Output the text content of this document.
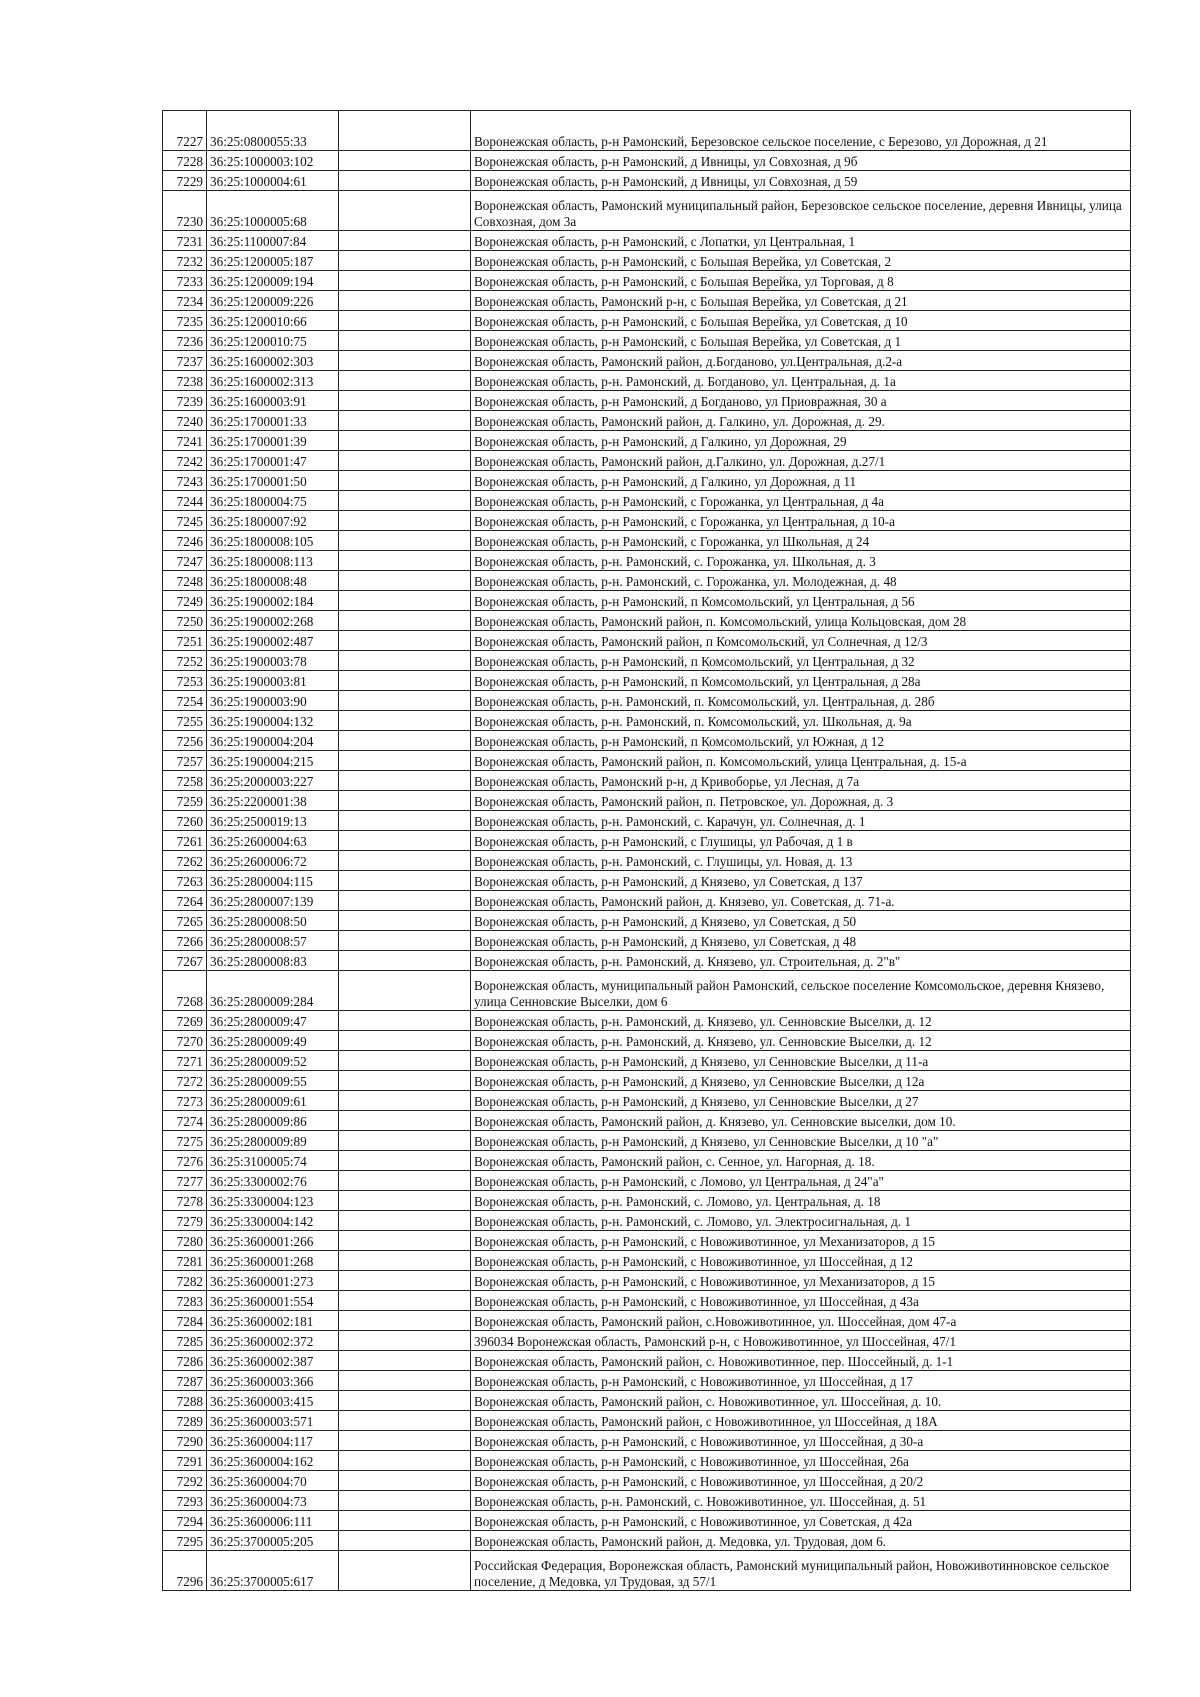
7227	36:25:0800055:33		Воронежская область, р-н Рамонский, Березовское сельское поселение, с Березово, ул Дорожная, д 21
7228	36:25:1000003:102		Воронежская область, р-н Рамонский, д Ивницы, ул Совхозная, д 9б
7229	36:25:1000004:61		Воронежская область, р-н Рамонский, д Ивницы, ул Совхозная, д 59
7230	36:25:1000005:68		Воронежская область, Рамонский муниципальный район, Березовское сельское поселение, деревня Ивницы, улица Совхозная, дом 3а
7231	36:25:1100007:84		Воронежская область, р-н Рамонский, с Лопатки, ул Центральная, 1
7232	36:25:1200005:187		Воронежская область, р-н Рамонский, с Большая Верейка, ул Советская, 2
7233	36:25:1200009:194		Воронежская область, р-н Рамонский, с Большая Верейка, ул Торговая, д 8
7234	36:25:1200009:226		Воронежская область, Рамонский р-н, с Большая Верейка, ул Советская, д 21
7235	36:25:1200010:66		Воронежская область, р-н Рамонский, с Большая Верейка, ул Советская, д 10
7236	36:25:1200010:75		Воронежская область, р-н Рамонский, с Большая Верейка, ул Советская, д 1
7237	36:25:1600002:303		Воронежская область, Рамонский район, д.Богданово, ул.Центральная, д.2-а
7238	36:25:1600002:313		Воронежская область, р-н. Рамонский, д. Богданово, ул. Центральная, д. 1а
7239	36:25:1600003:91		Воронежская область, р-н Рамонский, д Богданово, ул Приовражная, 30 а
7240	36:25:1700001:33		Воронежская область, Рамонский район, д. Галкино, ул. Дорожная, д. 29.
7241	36:25:1700001:39		Воронежская область, р-н Рамонский, д Галкино, ул Дорожная, 29
7242	36:25:1700001:47		Воронежская область, Рамонский район, д.Галкино, ул. Дорожная, д.27/1
7243	36:25:1700001:50		Воронежская область, р-н Рамонский, д Галкино, ул Дорожная, д 11
7244	36:25:1800004:75		Воронежская область, р-н Рамонский, с Горожанка, ул Центральная, д 4а
7245	36:25:1800007:92		Воронежская область, р-н Рамонский, с Горожанка, ул Центральная, д 10-а
7246	36:25:1800008:105		Воронежская область, р-н Рамонский, с Горожанка, ул Школьная, д 24
7247	36:25:1800008:113		Воронежская область, р-н. Рамонский, с. Горожанка, ул. Школьная, д. 3
7248	36:25:1800008:48		Воронежская область, р-н. Рамонский, с. Горожанка, ул. Молодежная, д. 48
7249	36:25:1900002:184		Воронежская область, р-н Рамонский, п Комсомольский, ул Центральная, д 56
7250	36:25:1900002:268		Воронежская область, Рамонский район, п. Комсомольский, улица Кольцовская, дом 28
7251	36:25:1900002:487		Воронежская область, Рамонский район, п Комсомольский, ул Солнечная, д 12/3
7252	36:25:1900003:78		Воронежская область, р-н Рамонский, п Комсомольский, ул Центральная, д 32
7253	36:25:1900003:81		Воронежская область, р-н Рамонский, п Комсомольский, ул Центральная, д 28а
7254	36:25:1900003:90		Воронежская область, р-н. Рамонский, п. Комсомольский, ул. Центральная, д. 28б
7255	36:25:1900004:132		Воронежская область, р-н. Рамонский, п. Комсомольский, ул. Школьная, д. 9а
7256	36:25:1900004:204		Воронежская область, р-н Рамонский, п Комсомольский, ул Южная, д 12
7257	36:25:1900004:215		Воронежская область, Рамонский район, п. Комсомольский, улица Центральная, д. 15-а
7258	36:25:2000003:227		Воронежская область, Рамонский р-н, д Кривоборье, ул Лесная, д 7а
7259	36:25:2200001:38		Воронежская область, Рамонский район, п. Петровское, ул. Дорожная, д. 3
7260	36:25:2500019:13		Воронежская область, р-н. Рамонский, с. Карачун, ул. Солнечная, д. 1
7261	36:25:2600004:63		Воронежская область, р-н Рамонский, с Глушицы, ул Рабочая, д 1 в
7262	36:25:2600006:72		Воронежская область, р-н. Рамонский, с. Глушицы, ул. Новая, д. 13
7263	36:25:2800004:115		Воронежская область, р-н Рамонский, д Князево, ул Советская, д 137
7264	36:25:2800007:139		Воронежская область, Рамонский район, д. Князево, ул. Советская, д. 71-а.
7265	36:25:2800008:50		Воронежская область, р-н Рамонский, д Князево, ул Советская, д 50
7266	36:25:2800008:57		Воронежская область, р-н Рамонский, д Князево, ул Советская, д 48
7267	36:25:2800008:83		Воронежская область, р-н. Рамонский, д. Князево, ул. Строительная, д. 2"в"
7268	36:25:2800009:284		Воронежская область, муниципальный район Рамонский, сельское поселение Комсомольское, деревня Князево, улица Сенновские Выселки, дом 6
7269	36:25:2800009:47		Воронежская область, р-н. Рамонский, д. Князево, ул. Сенновские Выселки, д. 12
7270	36:25:2800009:49		Воронежская область, р-н. Рамонский, д. Князево, ул. Сенновские Выселки, д. 12
7271	36:25:2800009:52		Воронежская область, р-н Рамонский, д Князево, ул Сенновские Выселки, д 11-а
7272	36:25:2800009:55		Воронежская область, р-н Рамонский, д Князево, ул Сенновские Выселки, д 12а
7273	36:25:2800009:61		Воронежская область, р-н Рамонский, д Князево, ул Сенновские Выселки, д 27
7274	36:25:2800009:86		Воронежская область, Рамонский район, д. Князево, ул. Сенновские выселки, дом 10.
7275	36:25:2800009:89		Воронежская область, р-н Рамонский, д Князево, ул Сенновские Выселки, д 10 "а"
7276	36:25:3100005:74		Воронежская область, Рамонский район, с. Сенное, ул. Нагорная, д. 18.
7277	36:25:3300002:76		Воронежская область, р-н Рамонский, с Ломово, ул Центральная, д 24"а"
7278	36:25:3300004:123		Воронежская область, р-н. Рамонский, с. Ломово, ул. Центральная, д. 18
7279	36:25:3300004:142		Воронежская область, р-н. Рамонский, с. Ломово, ул. Электросигнальная, д. 1
7280	36:25:3600001:266		Воронежская область, р-н Рамонский, с Новоживотинное, ул Механизаторов, д 15
7281	36:25:3600001:268		Воронежская область, р-н Рамонский, с Новоживотинное, ул Шоссейная, д 12
7282	36:25:3600001:273		Воронежская область, р-н Рамонский, с Новоживотинное, ул Механизаторов, д 15
7283	36:25:3600001:554		Воронежская область, р-н Рамонский, с Новоживотинное, ул Шоссейная, д 43а
7284	36:25:3600002:181		Воронежская область, Рамонский район, с.Новоживотинное, ул. Шоссейная, дом 47-а
7285	36:25:3600002:372		396034 Воронежская область, Рамонский р-н, с Новоживотинное, ул Шоссейная, 47/1
7286	36:25:3600002:387		Воронежская область, Рамонский район, с. Новоживотинное, пер. Шоссейный, д. 1-1
7287	36:25:3600003:366		Воронежская область, р-н Рамонский, с Новоживотинное, ул Шоссейная, д 17
7288	36:25:3600003:415		Воронежская область, Рамонский район, с. Новоживотинное, ул. Шоссейная, д. 10.
7289	36:25:3600003:571		Воронежская область, Рамонский район, с Новоживотинное, ул Шоссейная, д 18А
7290	36:25:3600004:117		Воронежская область, р-н Рамонский, с Новоживотинное, ул Шоссейная, д 30-а
7291	36:25:3600004:162		Воронежская область, р-н Рамонский, с Новоживотинное, ул Шоссейная, 26а
7292	36:25:3600004:70		Воронежская область, р-н Рамонский, с Новоживотинное, ул Шоссейная, д 20/2
7293	36:25:3600004:73		Воронежская область, р-н. Рамонский, с. Новоживотинное, ул. Шоссейная, д. 51
7294	36:25:3600006:111		Воронежская область, р-н Рамонский, с Новоживотинное, ул Советская, д 42а
7295	36:25:3700005:205		Воронежская область, Рамонский район, д. Медовка, ул. Трудовая, дом 6.
7296	36:25:3700005:617		Российская Федерация, Воронежская область, Рамонский муниципальный район, Новоживотинновское сельское поселение, д Медовка, ул Трудовая, зд 57/1
